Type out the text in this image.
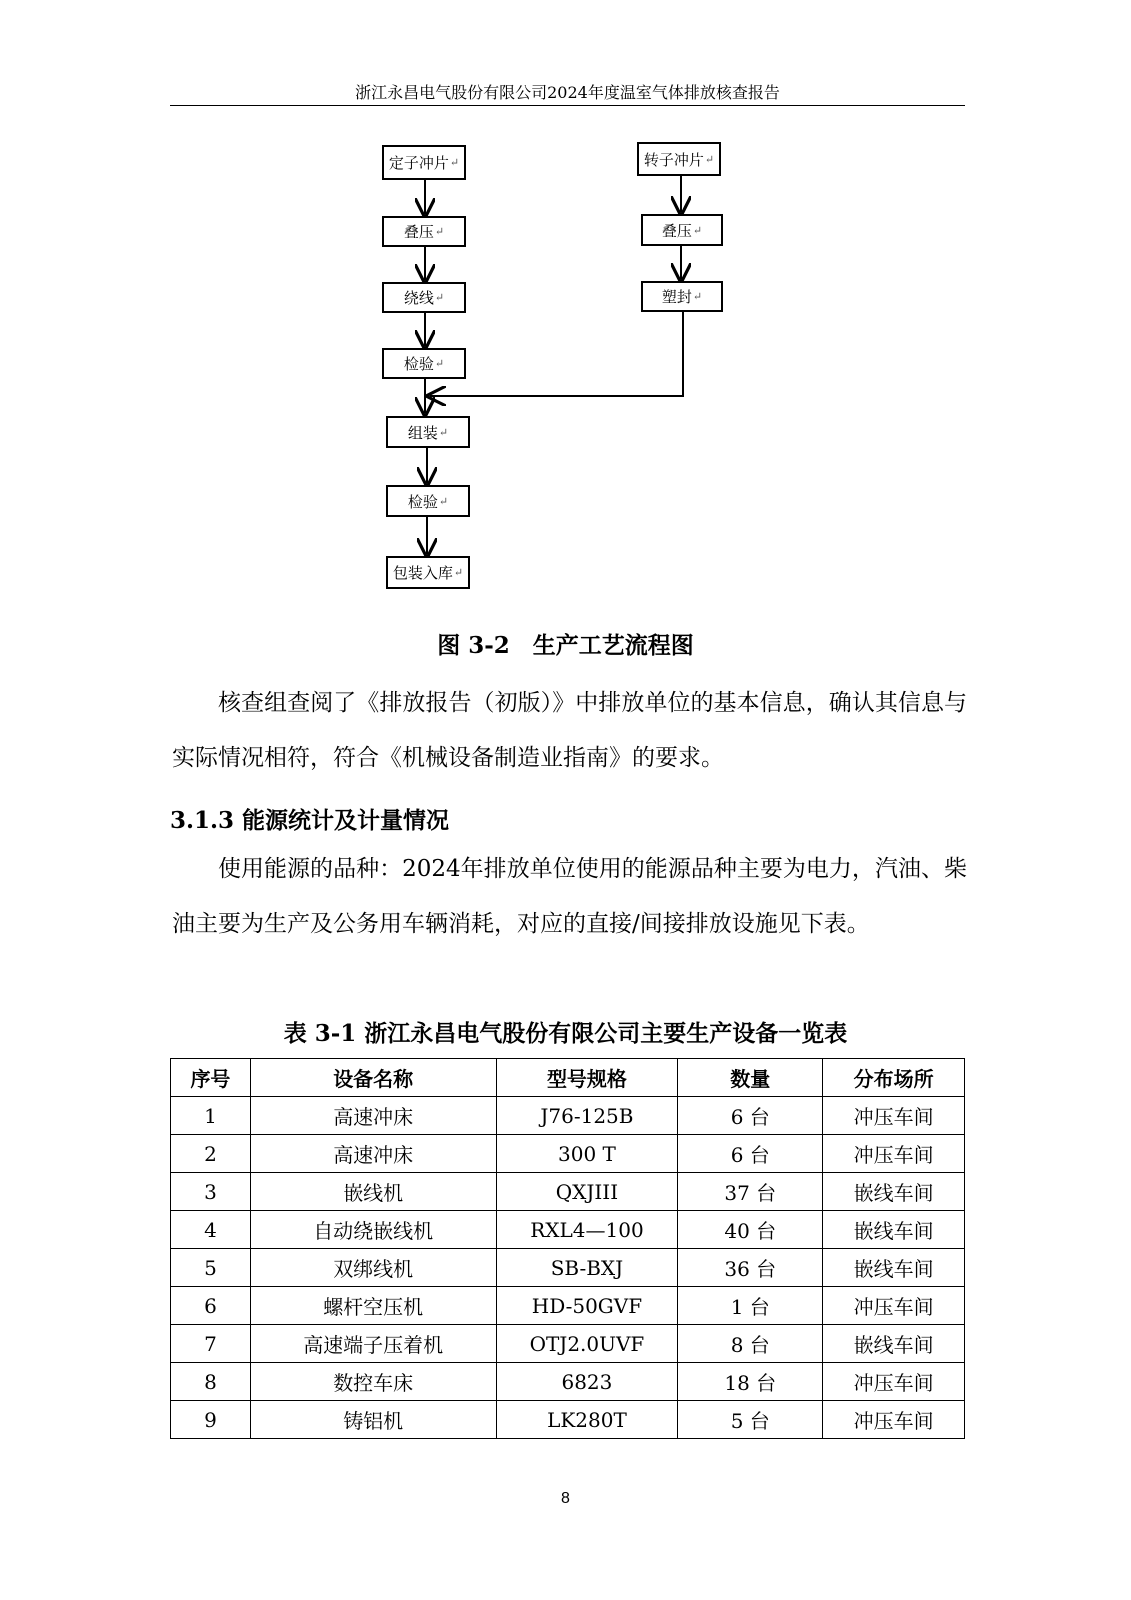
浙江永昌电气股份有限公司2024年度温室气体排放核查报告
定子冲片 ↵
叠压 ↵
绕线 ↵
检验 ↵
组装 ↵
检验 ↵
包装入库 ↵
转子冲片 ↵
叠压 ↵
塑封 ↵
图 3-2　生产工艺流程图
核查组查阅了《排放报告（初版）》中排放单位的基本信息，确认其信息与实际情况相符，符合《机械设备制造业指南》的要求。
3.1.3 能源统计及计量情况
使用能源的品种：2024年排放单位使用的能源品种主要为电力，汽油、柴油主要为生产及公务用车辆消耗，对应的直接/间接排放设施见下表。
表 3-1 浙江永昌电气股份有限公司主要生产设备一览表
序号	设备名称	型号规格	数量	分布场所
1	高速冲床	J76-125B	6 台	冲压车间
2	高速冲床	300 T	6 台	冲压车间
3	嵌线机	QXJIII	37 台	嵌线车间
4	自动绕嵌线机	RXL4—100	40 台	嵌线车间
5	双绑线机	SB-BXJ	36 台	嵌线车间
6	螺杆空压机	HD-50GVF	1 台	冲压车间
7	高速端子压着机	OTJ2.0UVF	8 台	嵌线车间
8	数控车床	6823	18 台	冲压车间
9	铸铝机	LK280T	5 台	冲压车间
8
